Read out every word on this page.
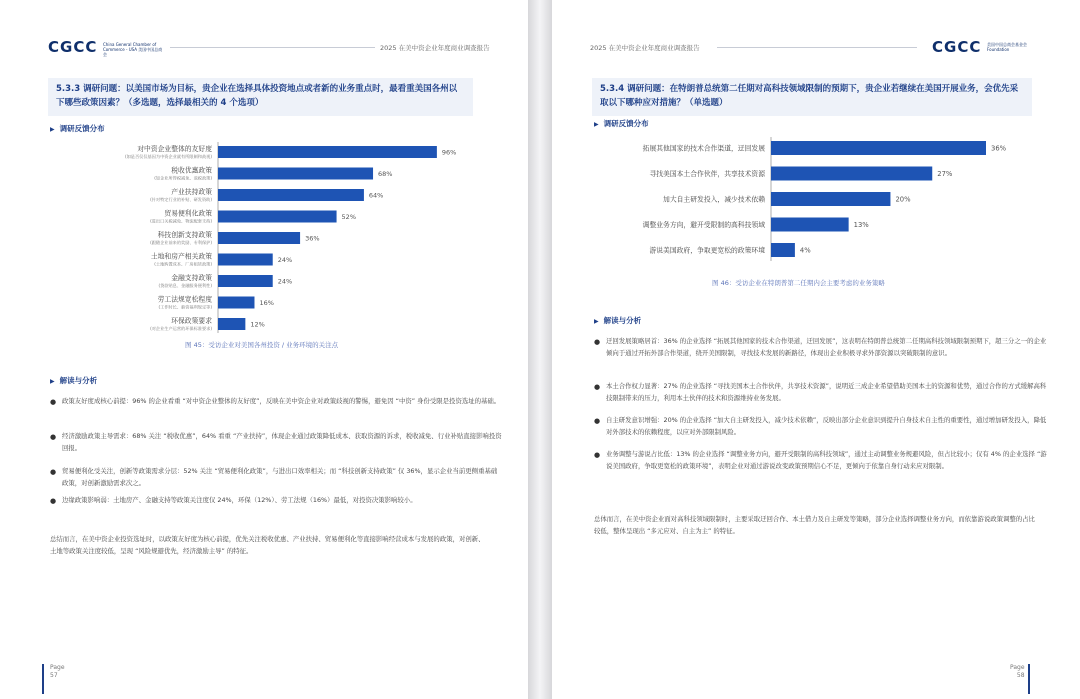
CGCC China General Chamber of Commerce - USA 美国中国总商会
2025 在美中资企业年度商业调查报告
5.3.3 调研问题：以美国市场为目标，贵企业在选择具体投资地点或者新的业务重点时，最看重美国各州以下哪些政策因素？（多选题，选择最相关的 4 个选项）
▶ 调研反馈分布
96%
对中资企业整体的友好度
(如是否仅仅基因为中资企业就有所限制和歧视)
68%
税收优惠政策
(如企业所得税减免、退税政策)
64%
产业扶持政策
(针对特定行业的补贴、研发资助)
52%
贸易便利化政策
(进出口关税减免、物流配套支持)
36%
科技创新支持政策
(跟随企业前来的奖励、专利保护)
24%
土地和房产相关政策
(土地购置成本、厂房租赁政策)
24%
金融支持政策
(贷款贴息、金融服务便利性)
16%
劳工法规宽松程度
(工作时长、薪资福利规定等)
12%
环保政策要求
(对企业生产运营的环保标准要求)
图 45：受访企业对美国各州投资 / 业务环境的关注点
▶ 解读与分析
● 政策友好度成核心前提：96% 的企业看重 “对中资企业整体的友好度”，反映在美中资企业对政策歧视的警惕，避免因 “中资” 身份受限是投资选址的基础。
● 经济激励政策主导需求：68% 关注 “税收优惠”，64% 看重 “产业扶持”，体现企业通过政策降低成本、获取资源的诉求，税收减免、行业补贴直接影响投资回报。
● 贸易便利化受关注，创新等政策需求分层：52% 关注 “贸易便利化政策”，与进出口效率相关；而 “科技创新支持政策” 仅 36%，显示企业当前更侧重基础政策，对创新激励需求次之。
● 边缘政策影响弱：土地房产、金融支持等政策关注度仅 24%，环保（12%）、劳工法规（16%）最低，对投资决策影响较小。
总结而言，在美中资企业投资选址时，以政策友好度为核心前提，优先关注税收优惠、产业扶持、贸易便利化等直接影响经营成本与发展的政策，对创新、土地等政策关注度较低，呈现 “风险规避优先，经济激励主导” 的特征。
Page
57
2025 在美中资企业年度商业调查报告	CGCC 美国中国总商会基金会 Foundation
5.3.4 调研问题：在特朗普总统第二任期对高科技领域限制的预期下，贵企业若继续在美国开展业务，会优先采取以下哪种应对措施？（单选题）
▶ 调研反馈分布
36%
拓展其他国家的技术合作渠道，迂回发展
27%
寻找美国本土合作伙伴，共享技术资源
20%
加大自主研发投入，减少技术依赖
13%
调整业务方向，避开受限制的高科技领域
4%
游说美国政府，争取更宽松的政策环境
图 46：受访企业在特朗普第二任期内会主要考虑的业务策略
▶ 解读与分析
● 迂回发展策略居首：36% 的企业选择 “拓展其他国家的技术合作渠道，迂回发展”，这表明在特朗普总统第二任期高科技领域限制预期下，超三分之一的企业倾向于通过开拓外部合作渠道，绕开美国限制，寻找技术发展的新路径，体现出企业积极寻求外部资源以突破限制的意识。
● 本土合作权力显著：27% 的企业选择 “寻找美国本土合作伙伴，共享技术资源”，说明近三成企业希望借助美国本土的资源和优势，通过合作的方式缓解高科技限制带来的压力，利用本土伙伴的技术和资源维持业务发展。
● 自主研发意识增强：20% 的企业选择 “加大自主研发投入，减少技术依赖”，反映出部分企业意识到提升自身技术自主性的重要性，通过增加研发投入，降低对外部技术的依赖程度，以应对外部限制风险。
● 业务调整与游说占比低：13% 的企业选择 “调整业务方向，避开受限制的高科技领域”，通过主动调整业务规避风险，但占比较小；仅有 4% 的企业选择 “游说美国政府，争取更宽松的政策环境”，表明企业对通过游说改变政策预期信心不足，更倾向于依靠自身行动来应对限制。
总体而言，在美中资企业面对高科技领域限制时，主要采取迂回合作、本土借力及自主研发等策略，部分企业选择调整业务方向，而依靠游说政策调整的占比较低，整体呈现出 “多元应对、自主为主” 的特征。
Page
58
